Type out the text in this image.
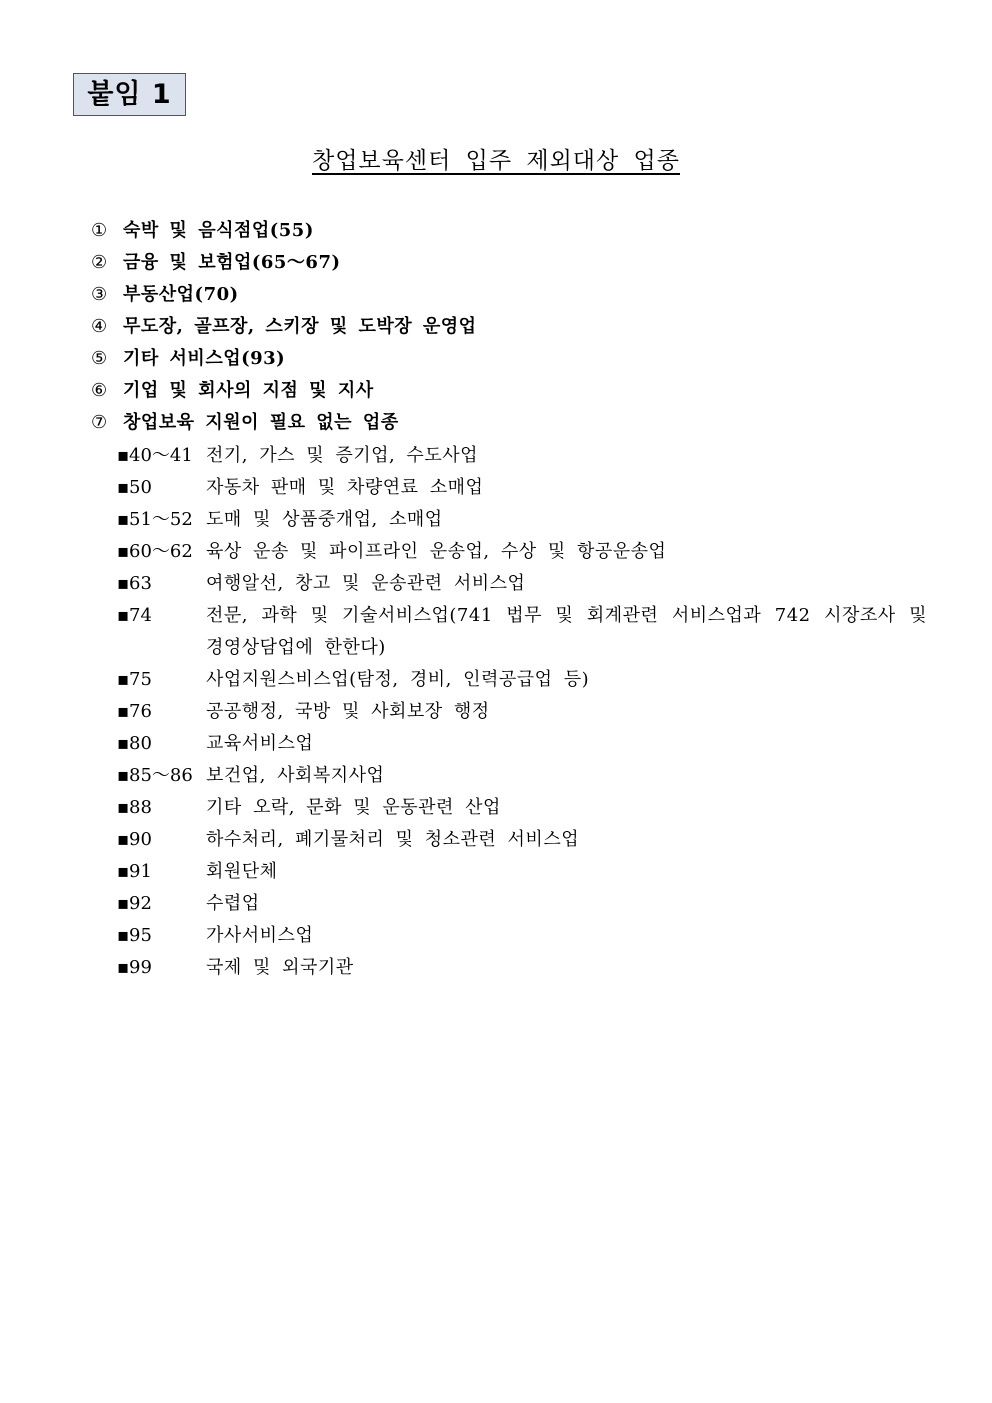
붙임 1
창업보육센터 입주 제외대상 업종
① 숙박 및 음식점업(55)
② 금융 및 보험업(65～67)
③ 부동산업(70)
④ 무도장, 골프장, 스키장 및 도박장 운영업
⑤ 기타 서비스업(93)
⑥ 기업 및 회사의 지점 및 지사
⑦ 창업보육 지원이 필요 없는 업종
▪ 40～41 전기, 가스 및 증기업, 수도사업
▪ 50	자동차 판매 및 차량연료 소매업
▪ 51～52 도매 및 상품중개업, 소매업
▪ 60～62 육상 운송 및 파이프라인 운송업, 수상 및 항공운송업
▪ 63	여행알선, 창고 및 운송관련 서비스업
▪ 74	전문, 과학 및 기술서비스업(741 법무 및 회계관련 서비스업과 742 시장조사 및 경영상담업에 한한다)
▪ 75	사업지원스비스업(탐정, 경비, 인력공급업 등)
▪ 76	공공행정, 국방 및 사회보장 행정
▪ 80	교육서비스업
▪ 85～86 보건업, 사회복지사업
▪ 88	기타 오락, 문화 및 운동관련 산업
▪ 90	하수처리, 폐기물처리 및 청소관련 서비스업
▪ 91	회원단체
▪ 92	수렵업
▪ 95	가사서비스업
▪ 99	국제 및 외국기관
